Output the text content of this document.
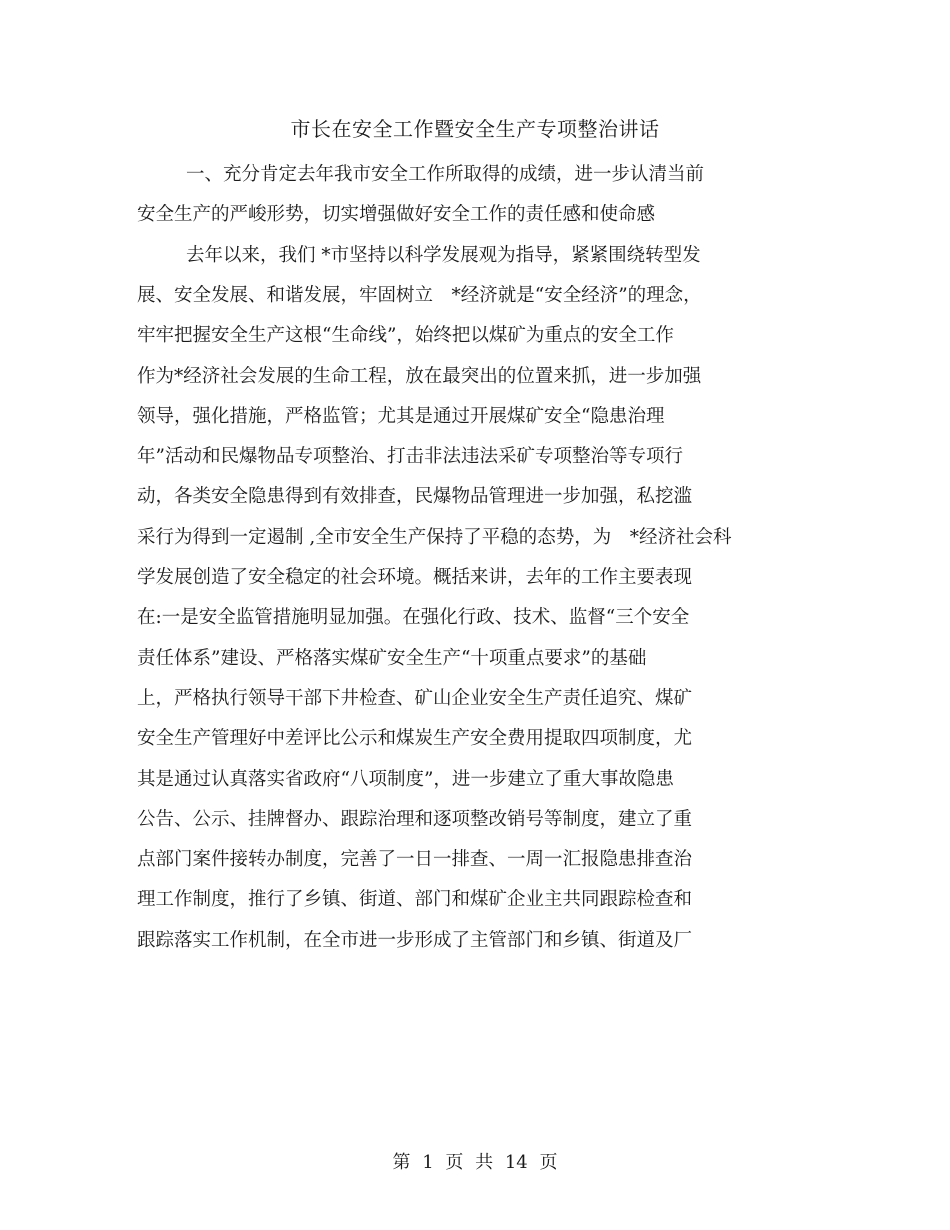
市长在安全工作暨安全生产专项整治讲话
一、充分肯定去年我市安全工作所取得的成绩，进一步认清当前
安全生产的严峻形势，切实增强做好安全工作的责任感和使命感
去年以来，我们 *市坚持以科学发展观为指导，紧紧围绕转型发
展、安全发展、和谐发展，牢固树立　*经济就是“安全经济”的理念，
牢牢把握安全生产这根“生命线”，始终把以煤矿为重点的安全工作
作为*经济社会发展的生命工程，放在最突出的位置来抓，进一步加强
领导，强化措施，严格监管；尤其是通过开展煤矿安全“隐患治理
年”活动和民爆物品专项整治、打击非法违法采矿专项整治等专项行
动，各类安全隐患得到有效排查，民爆物品管理进一步加强，私挖滥
采行为得到一定遏制 ,全市安全生产保持了平稳的态势，为　*经济社会科
学发展创造了安全稳定的社会环境。概括来讲，去年的工作主要表现
在:一是安全监管措施明显加强。在强化行政、技术、监督“三个安全
责任体系”建设、严格落实煤矿安全生产“十项重点要求”的基础
上，严格执行领导干部下井检查、矿山企业安全生产责任追究、煤矿
安全生产管理好中差评比公示和煤炭生产安全费用提取四项制度，尤
其是通过认真落实省政府“八项制度”，进一步建立了重大事故隐患
公告、公示、挂牌督办、跟踪治理和逐项整改销号等制度，建立了重
点部门案件接转办制度，完善了一日一排查、一周一汇报隐患排查治
理工作制度，推行了乡镇、街道、部门和煤矿企业主共同跟踪检查和
跟踪落实工作机制，在全市进一步形成了主管部门和乡镇、街道及厂
第 1 页 共 14 页
